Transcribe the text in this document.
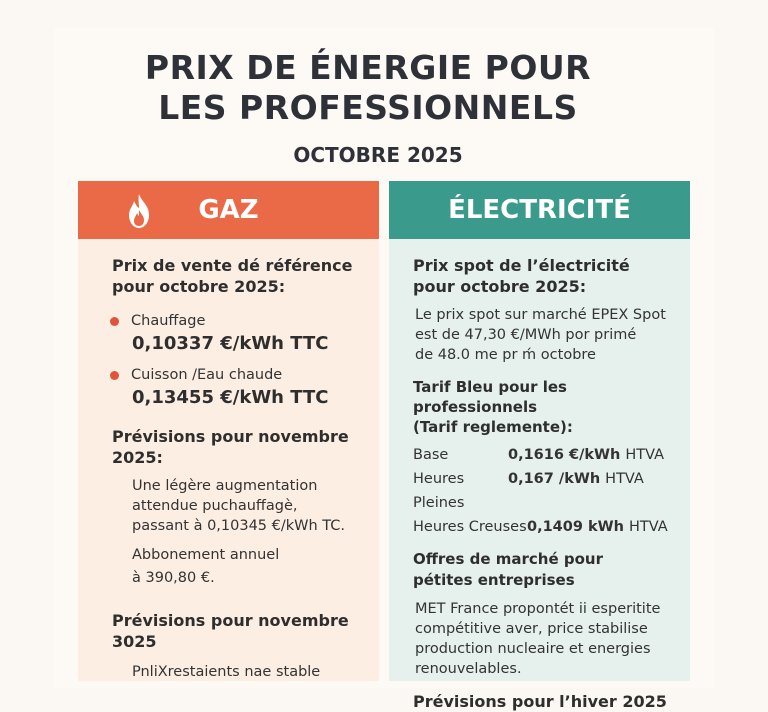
PRIX DE ÉNERGIE POUR
LES PROFESSIONNELS
OCTOBRE 2025
GAZ
Prix de vente dé référence
pour octobre 2025:
Chauffage
0,10337 €/kWh TTC
Cuisson /Eau chaude
0,13455 €/kWh TTC
Prévisions pour novembre
2025:
Une légère augmentation
attendue puchauffagè,
passant à 0,10345 €/kWh TC.
Abbonement annuel
à 390,80 €.
Prévisions pour novembre
3025
PnliXrestaients nae stable
ÉLECTRICITÉ
Prix spot de l’électricité
pour octobre 2025:
Le prix spot sur marché EPEX Spot
est de 47,30 €/MWh por primé
de 48.0 me pr ḿ octobre
Tarif Bleu pour les professionnels
(Tarif reglemente):
Base	0,1616 €/kWh HTVA
Heures Pleines
0,167 /kWh HTVA
Heures Creuses 0,1409 kWh HTVA
Offres de marché pour
pétites entreprises
MET France propontét ii esperitite
compétitive aver, price stabilise
production nucleaire et energies
renouvelables.
Prévisions pour l’hiver 2025
